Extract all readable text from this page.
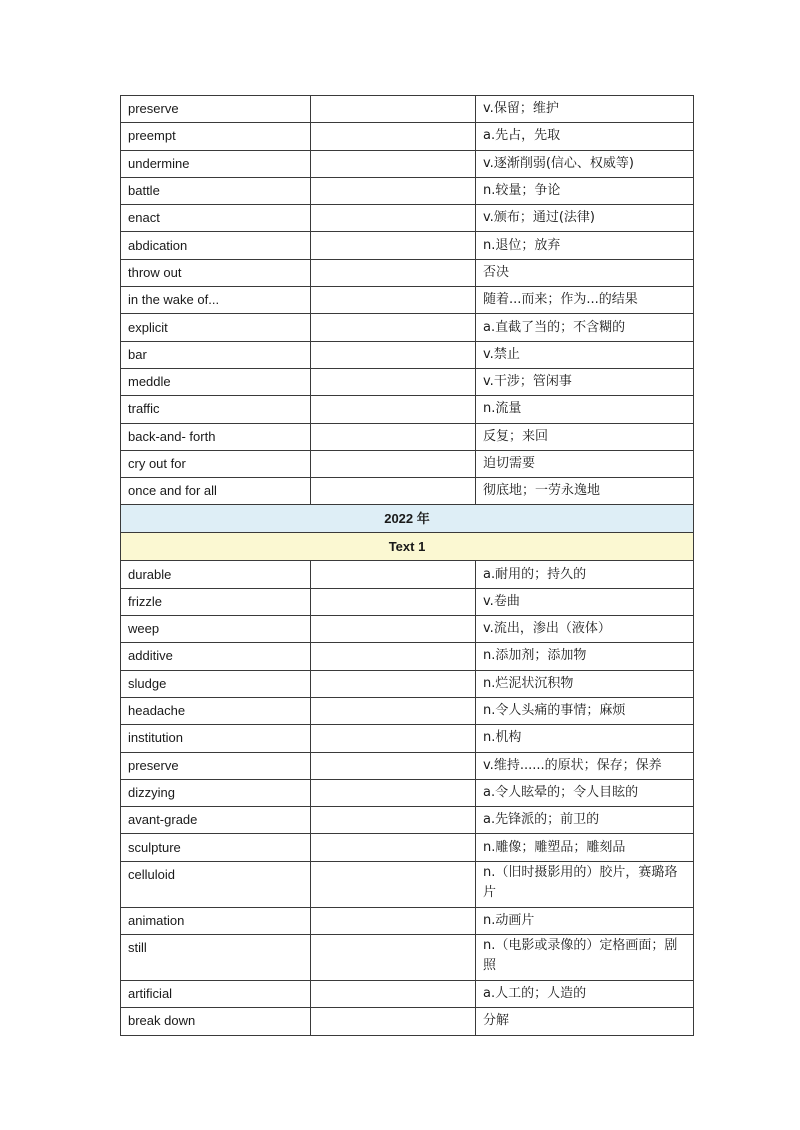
preserve		v.保留；维护
preempt		a.先占，先取
undermine		v.逐渐削弱(信心、权威等)
battle		n.较量；争论
enact		v.颁布；通过(法律)
abdication		n.退位；放弃
throw out		否决
in the wake of...		随着...而来；作为...的结果
explicit		a.直截了当的；不含糊的
bar		v.禁止
meddle		v.干涉；管闲事
traffic		n.流量
back-and- forth		反复；来回
cry out for		迫切需要
once and for all		彻底地；一劳永逸地
2022 年		
Text 1		
durable		a.耐用的；持久的
frizzle		v.卷曲
weep		v.流出，渗出（液体）
additive		n.添加剂；添加物
sludge		n.烂泥状沉积物
headache		n.令人头痛的事情；麻烦
institution		n.机构
preserve		v.维持......的原状；保存；保养
dizzying		a.令人眩晕的；令人目眩的
avant-grade		a.先锋派的；前卫的
sculpture		n.雕像；雕塑品；雕刻品
celluloid		n.（旧时摄影用的）胶片，赛璐珞片
animation		n.动画片
still		n.（电影或录像的）定格画面；剧照
artificial		a.人工的；人造的
break down		分解
